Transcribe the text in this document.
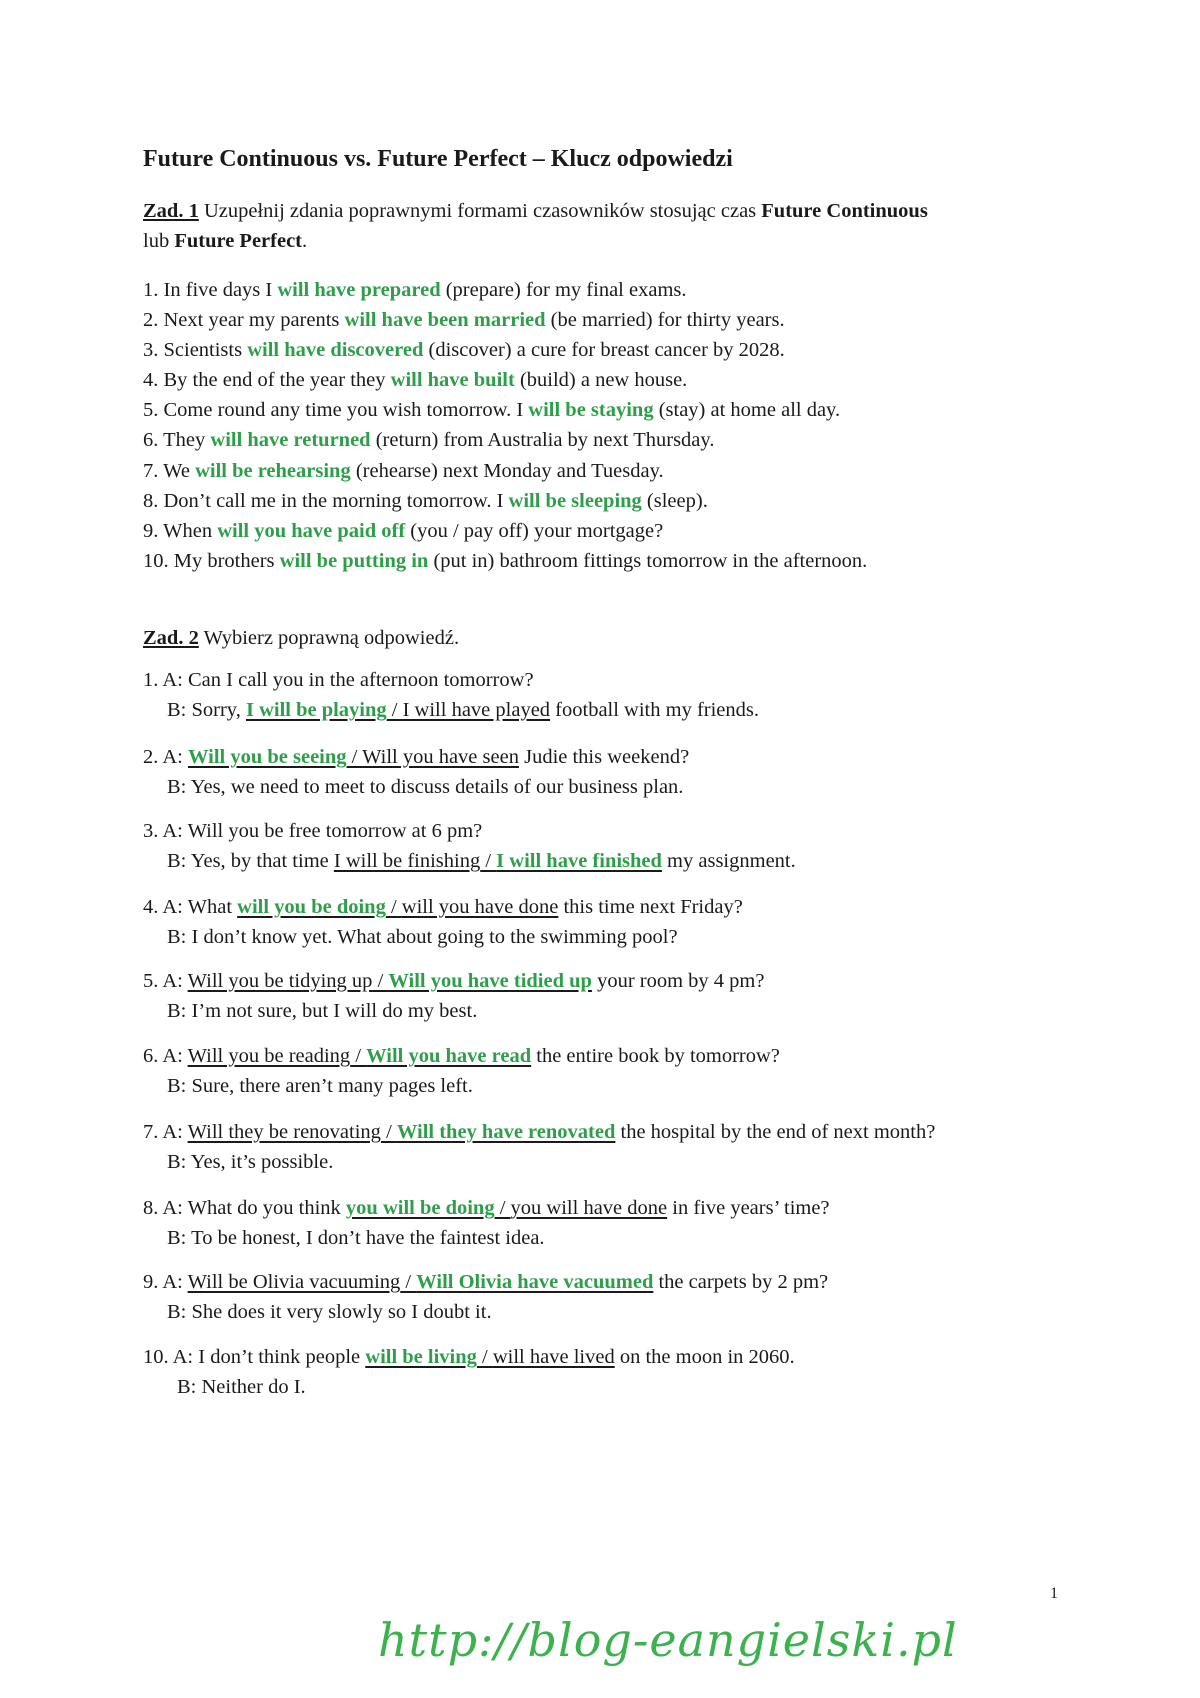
Future Continuous vs. Future Perfect – Klucz odpowiedzi
Zad. 1 Uzupełnij zdania poprawnymi formami czasowników stosując czas Future Continuous
lub Future Perfect.
1. In five days I will have prepared (prepare) for my final exams.
2. Next year my parents will have been married (be married) for thirty years.
3. Scientists will have discovered (discover) a cure for breast cancer by 2028.
4. By the end of the year they will have built (build) a new house.
5. Come round any time you wish tomorrow. I will be staying (stay) at home all day.
6. They will have returned (return) from Australia by next Thursday.
7. We will be rehearsing (rehearse) next Monday and Tuesday.
8. Don’t call me in the morning tomorrow. I will be sleeping (sleep).
9. When will you have paid off (you / pay off) your mortgage?
10. My brothers will be putting in (put in) bathroom fittings tomorrow in the afternoon.
Zad. 2 Wybierz poprawną odpowiedź.
1. A: Can I call you in the afternoon tomorrow?
B: Sorry, I will be playing / I will have played football with my friends.
2. A: Will you be seeing / Will you have seen Judie this weekend?
B: Yes, we need to meet to discuss details of our business plan.
3. A: Will you be free tomorrow at 6 pm?
B: Yes, by that time I will be finishing / I will have finished my assignment.
4. A: What will you be doing / will you have done this time next Friday?
B: I don’t know yet. What about going to the swimming pool?
5. A: Will you be tidying up / Will you have tidied up your room by 4 pm?
B: I’m not sure, but I will do my best.
6. A: Will you be reading / Will you have read the entire book by tomorrow?
B: Sure, there aren’t many pages left.
7. A: Will they be renovating / Will they have renovated the hospital by the end of next month?
B: Yes, it’s possible.
8. A: What do you think you will be doing / you will have done in five years’ time?
B: To be honest, I don’t have the faintest idea.
9. A: Will be Olivia vacuuming / Will Olivia have vacuumed the carpets by 2 pm?
B: She does it very slowly so I doubt it.
10. A: I don’t think people will be living / will have lived on the moon in 2060.
B: Neither do I.
http://blog-eangielski.pl
1
